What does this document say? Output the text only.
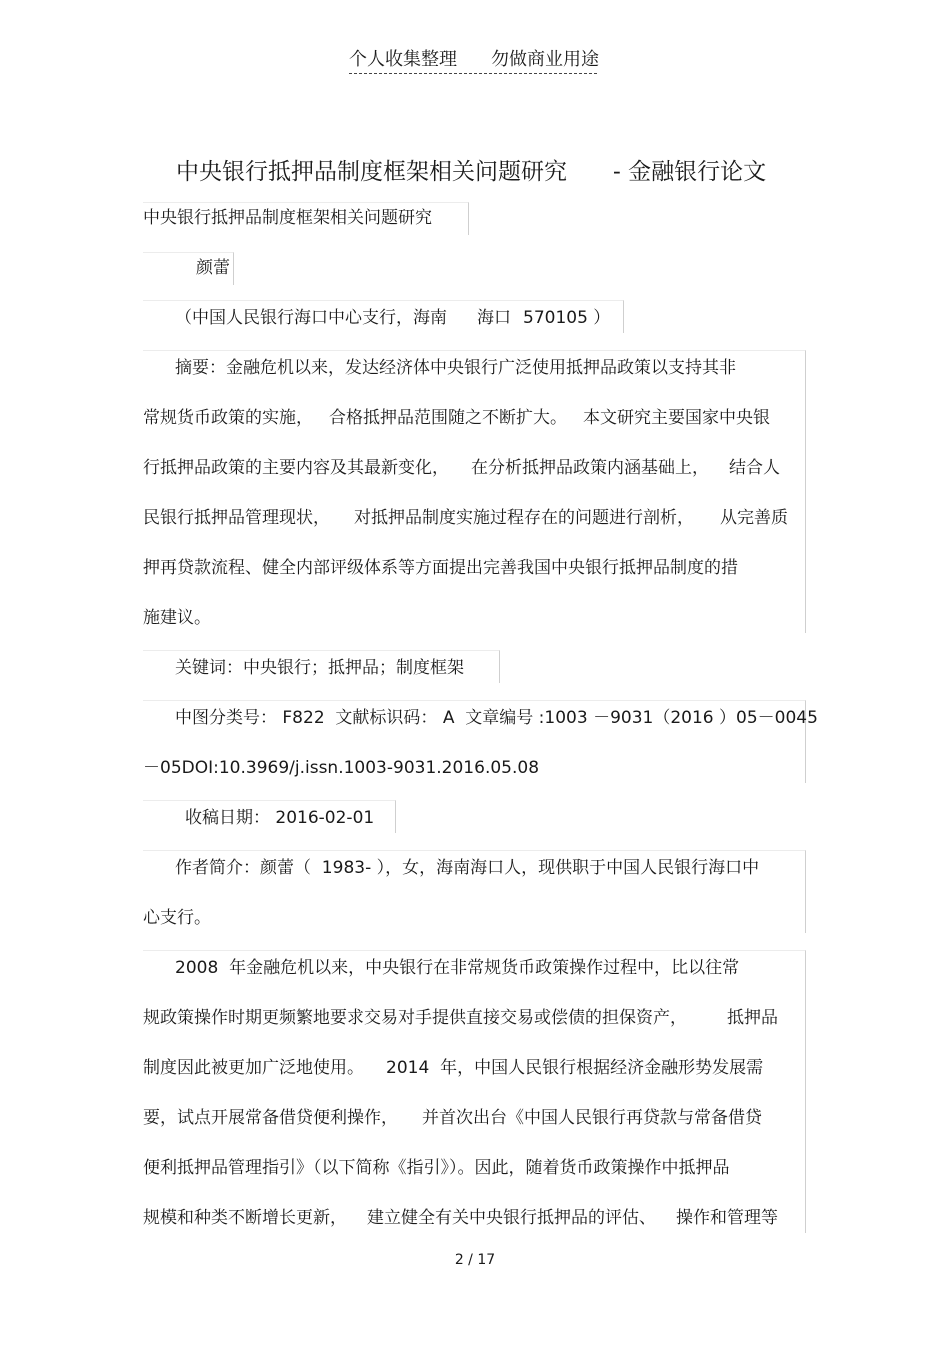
个人收集整理 勿做商业用途
中央银行抵押品制度框架相关问题研究 - 金融银行论文
中央银行抵押品制度框架相关问题研究
颜蕾
（中国人民银行海口中心支行，海南 海口 570105 ）
摘要：金融危机以来，发达经济体中央银行广泛使用抵押品政策以支持其非
常规货币政策的实施， 合格抵押品范围随之不断扩大。 本文研究主要国家中央银
行抵押品政策的主要内容及其最新变化， 在分析抵押品政策内涵基础上， 结合人
民银行抵押品管理现状， 对抵押品制度实施过程存在的问题进行剖析， 从完善质
押再贷款流程、健全内部评级体系等方面提出完善我国中央银行抵押品制度的措
施建议。
关键词：中央银行；抵押品；制度框架
中图分类号： F822  文献标识码： A  文章编号 :1003 －9031（2016 ）05－0045
－05DOI:10.3969/j.issn.1003-9031.2016.05.08
收稿日期： 2016-02-01
作者简介：颜蕾（  1983- ），女，海南海口人，现供职于中国人民银行海口中
心支行。
2008  年金融危机以来，中央银行在非常规货币政策操作过程中，比以往常
规政策操作时期更频繁地要求交易对手提供直接交易或偿债的担保资产， 抵押品
制度因此被更加广泛地使用。 2014  年，中国人民银行根据经济金融形势发展需
要，试点开展常备借贷便利操作， 并首次出台《中国人民银行再贷款与常备借贷
便利抵押品管理指引》（以下简称《指引》）。因此，随着货币政策操作中抵押品
规模和种类不断增长更新， 建立健全有关中央银行抵押品的评估、 操作和管理等
2 / 17
